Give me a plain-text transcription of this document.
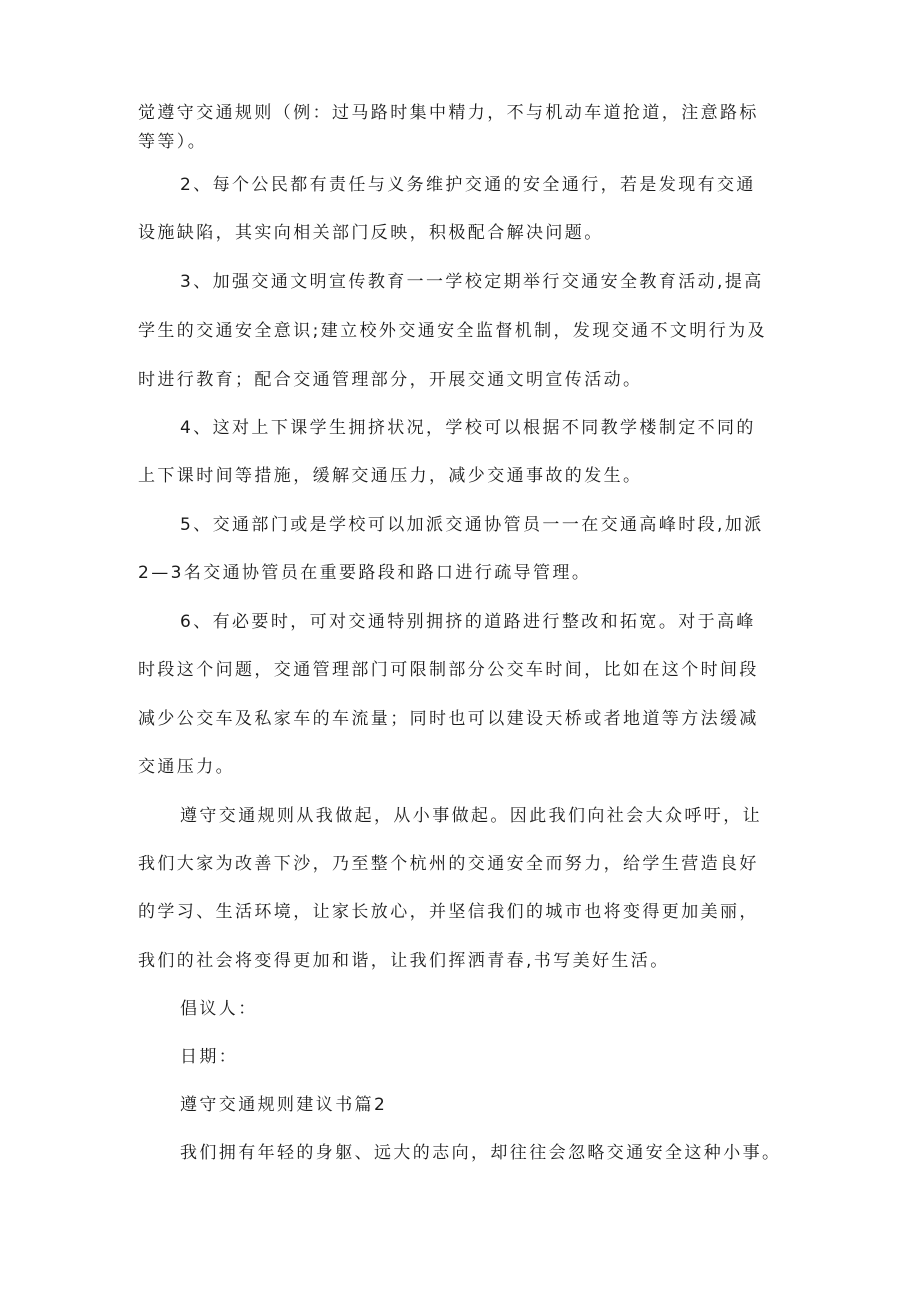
觉遵守交通规则（例：过马路时集中精力，不与机动车道抢道，注意路标
等等）。
2、每个公民都有责任与义务维护交通的安全通行，若是发现有交通
设施缺陷，其实向相关部门反映，积极配合解决问题。
3、加强交通文明宣传教育一一学校定期举行交通安全教育活动,提高
学生的交通安全意识;建立校外交通安全监督机制，发现交通不文明行为及
时进行教育；配合交通管理部分，开展交通文明宣传活动。
4、这对上下课学生拥挤状况，学校可以根据不同教学楼制定不同的
上下课时间等措施，缓解交通压力，减少交通事故的发生。
5、交通部门或是学校可以加派交通协管员一一在交通高峰时段,加派
2—3名交通协管员在重要路段和路口进行疏导管理。
6、有必要时，可对交通特别拥挤的道路进行整改和拓宽。对于高峰
时段这个问题，交通管理部门可限制部分公交车时间，比如在这个时间段
减少公交车及私家车的车流量；同时也可以建设天桥或者地道等方法缓减
交通压力。
遵守交通规则从我做起，从小事做起。因此我们向社会大众呼吁，让
我们大家为改善下沙，乃至整个杭州的交通安全而努力，给学生营造良好
的学习、生活环境，让家长放心，并坚信我们的城市也将变得更加美丽，
我们的社会将变得更加和谐，让我们挥洒青春,书写美好生活。
倡议人：
日期：
遵守交通规则建议书篇2
我们拥有年轻的身躯、远大的志向，却往往会忽略交通安全这种小事。
